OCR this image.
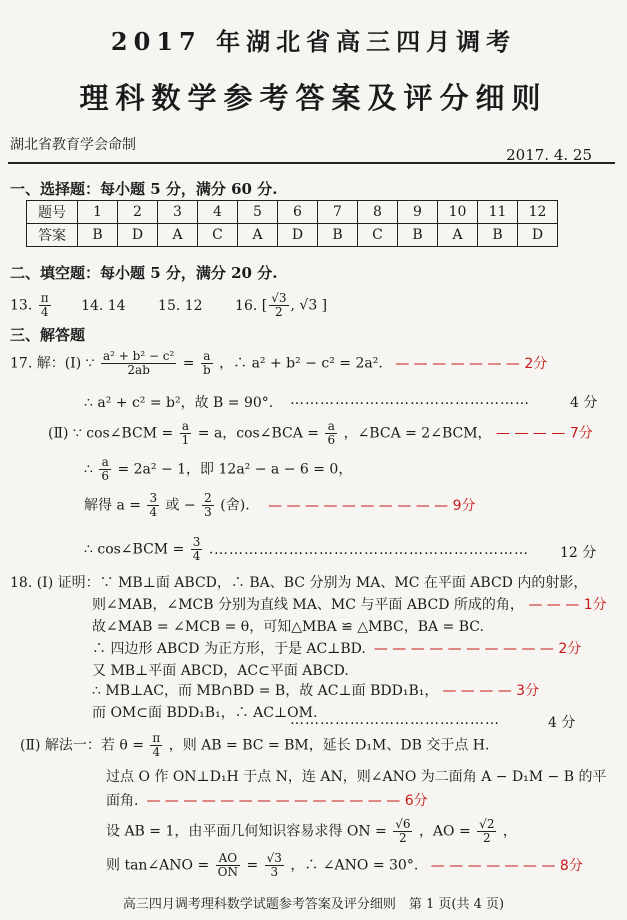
2017 年湖北省高三四月调考
理科数学参考答案及评分细则
湖北省教育学会命制
2017. 4. 25
一、选择题：每小题 5 分，满分 60 分.
题号	1	2	3	4	5	6	7	8	9	10	11	12
答案	B	D	A	C	A	D	B	C	B	A	B	D
二、填空题：每小题 5 分，满分 20 分.
13. $\frac{\pi}{4} 14$. 14 15. 12 16. [ $\frac{√3}{2}$ , √3 ]
三、解答题
17. 解：(Ⅰ) ∵ $\frac{\text{a² + b² − c²}}{2ab} = \frac{a}{b}$ ，∴ a² + b² − c² = 2a². — — — — — — — 2分
∴ a² + c² = b²，故 B = 90°. …………………………………………	4 分
(Ⅱ) ∵ cos∠BCM = $\frac{a}{1} = a$，cos∠BCA = $\frac{a}{6}$ ，∠BCA = 2∠BCM， — — — — 7分
∴ $\frac{a}{6} = 2a^2 - 1$，即 12a² − a − 6 = 0，
解得 $a = \frac{3}{4}$ 或 − $\frac{2}{3}$ (舍). — — — — — — — — — — 9分
∴ cos∠BCM = $\frac{3}{4}$ . ……………………………………………………… 12 分
18. (Ⅰ) 证明：∵ MB⊥面 ABCD，∴ BA、BC 分别为 MA、MC 在平面 ABCD 内的射影，
则∠MAB，∠MCB 分别为直线 MA、MC 与平面 ABCD 所成的角， — — — 1分
故∠MAB = ∠MCB = θ，可知△MBA ≌ △MBC，BA = BC.
∴ 四边形 ABCD 为正方形，于是 AC⊥BD. — — — — — — — — — — 2分
又 MB⊥平面 ABCD，AC⊂平面 ABCD.
∴ MB⊥AC，而 MB∩BD = B，故 AC⊥面 BDD₁B₁， — — — — 3分
而 OM⊂面 BDD₁B₁，∴ AC⊥OM.
……………………………………	4 分
(Ⅱ) 解法一：若 $\theta = \frac{\pi}{4}$ ，则 AB = BC = BM，延长 D₁M、DB 交于点 H.
过点 O 作 ON⊥D₁H 于点 N，连 AN，则∠ANO 为二面角 A − D₁M − B 的平
面角. — — — — — — — — — — — — — — 6分
设 AB = 1，由平面几何知识容易求得 ON = $\frac{√6}{2}$ ，AO = $\frac{√2}{2}$ ，
则 tan∠ANO = $\frac{AO}{ON} = \frac{√3}{3}$ ，∴ ∠ANO = 30°. — — — — — — — 8分
高三四月调考理科数学试题参考答案及评分细则　第 1 页(共 4 页)
